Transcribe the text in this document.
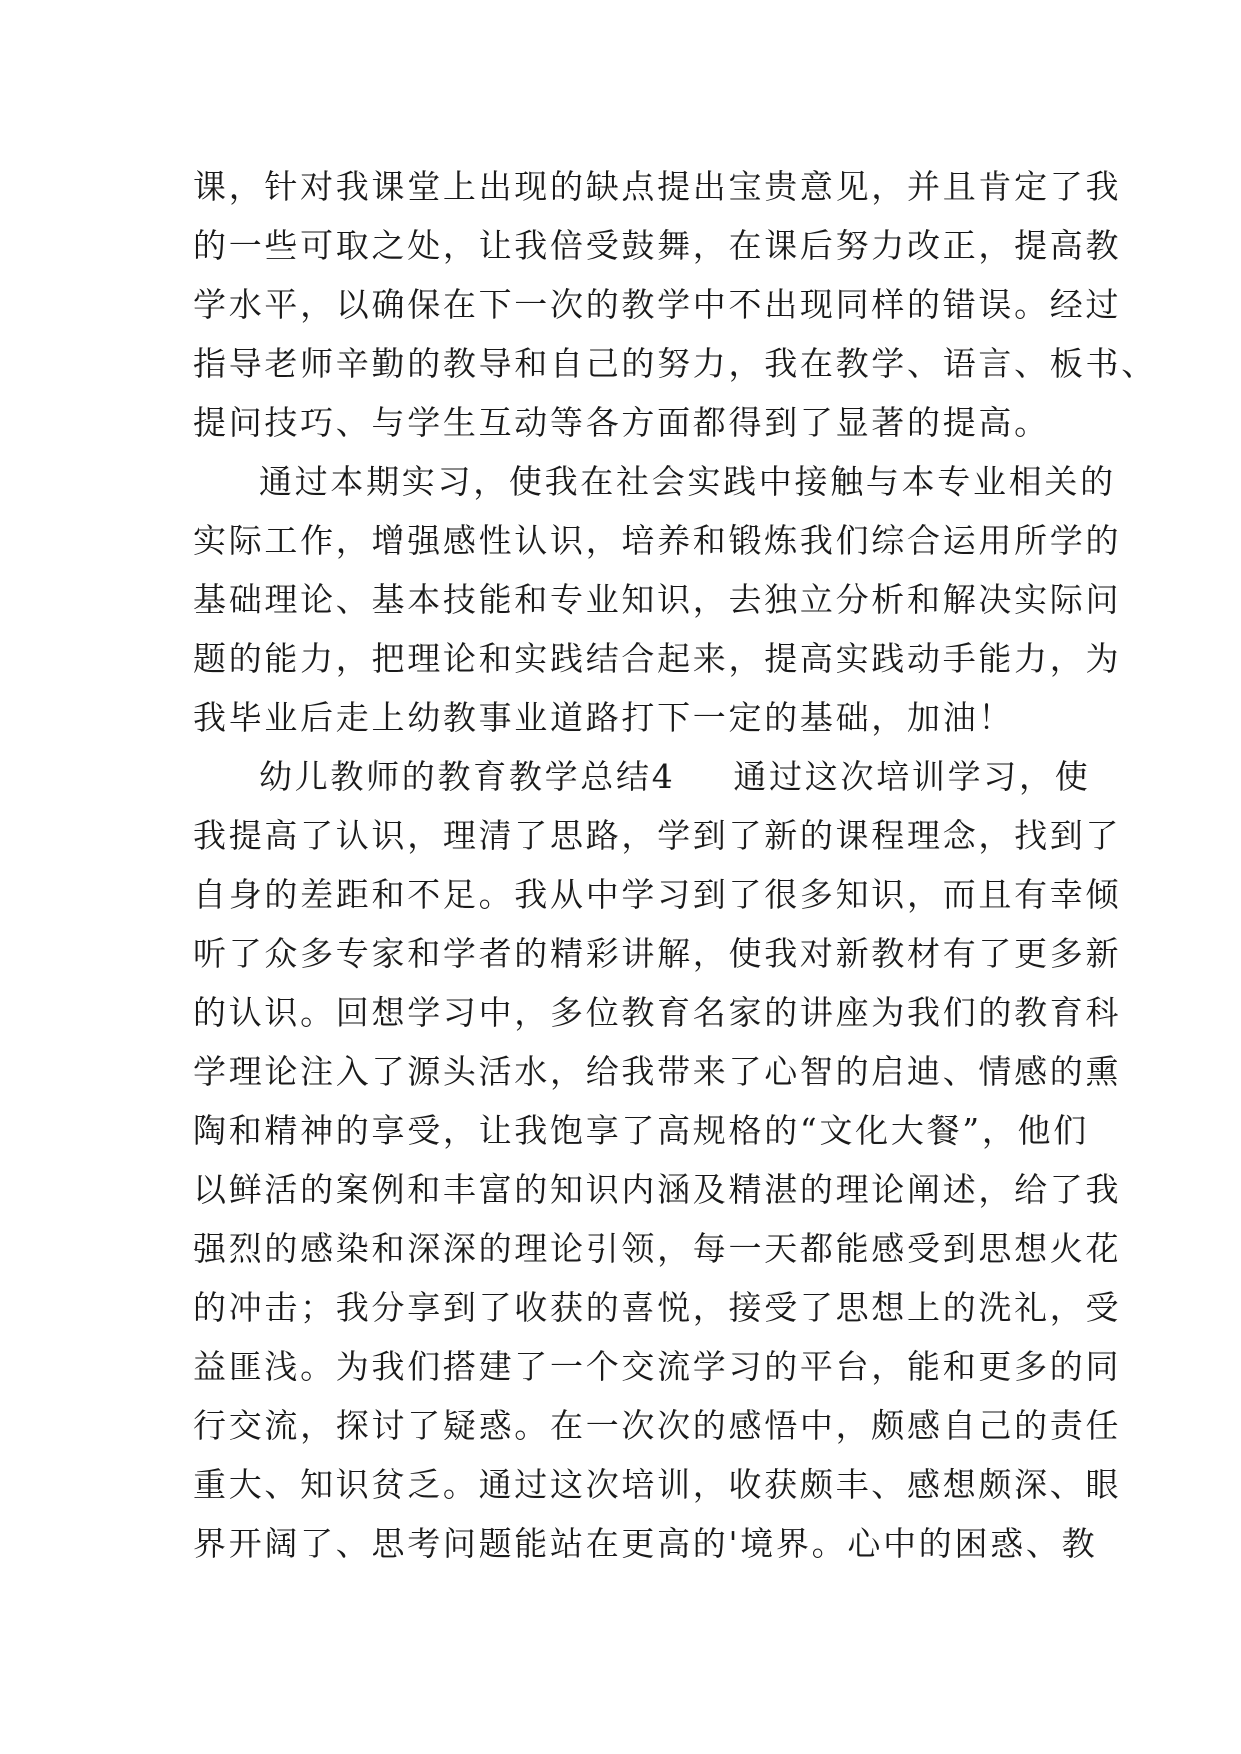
课，针对我课堂上出现的缺点提出宝贵意见，并且肯定了我
的一些可取之处，让我倍受鼓舞，在课后努力改正，提高教
学水平，以确保在下一次的教学中不出现同样的错误。经过
指导老师辛勤的教导和自己的努力，我在教学、语言、板书、
提问技巧、与学生互动等各方面都得到了显著的提高。
通过本期实习，使我在社会实践中接触与本专业相关的
实际工作，增强感性认识，培养和锻炼我们综合运用所学的
基础理论、基本技能和专业知识，去独立分析和解决实际问
题的能力，把理论和实践结合起来，提高实践动手能力，为
我毕业后走上幼教事业道路打下一定的基础，加油！
幼儿教师的教育教学总结4 通过这次培训学习，使
我提高了认识，理清了思路，学到了新的课程理念，找到了
自身的差距和不足。我从中学习到了很多知识，而且有幸倾
听了众多专家和学者的精彩讲解，使我对新教材有了更多新
的认识。回想学习中，多位教育名家的讲座为我们的教育科
学理论注入了源头活水，给我带来了心智的启迪、情感的熏
陶和精神的享受，让我饱享了高规格的“文化大餐”，他们
以鲜活的案例和丰富的知识内涵及精湛的理论阐述，给了我
强烈的感染和深深的理论引领，每一天都能感受到思想火花
的冲击；我分享到了收获的喜悦，接受了思想上的洗礼，受
益匪浅。为我们搭建了一个交流学习的平台，能和更多的同
行交流，探讨了疑惑。在一次次的感悟中，颇感自己的责任
重大、知识贫乏。通过这次培训，收获颇丰、感想颇深、眼
界开阔了、思考问题能站在更高的'境界。心中的困惑、教
